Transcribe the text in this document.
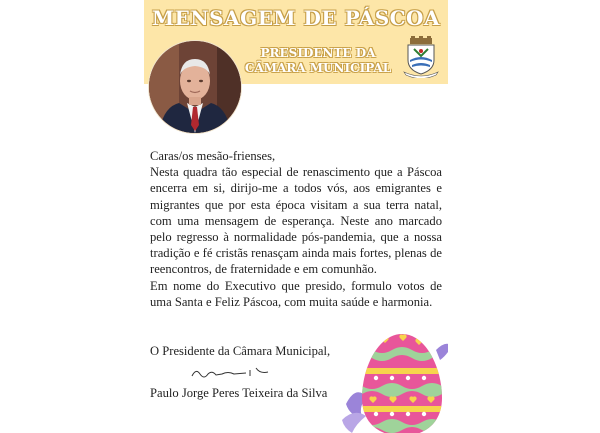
MENSAGEM DE PÁSCOA
PRESIDENTE DA
CÂMARA MUNICIPAL

Caras/os mesão-frienses,

Nesta quadra tão especial de renascimento que a Páscoa encerra em si, dirijo-me a todos vós, aos emigrantes e migrantes que por esta época visitam a sua terra natal, com uma mensagem de esperança. Neste ano marcado pelo regresso à normalidade pós-pandemia, que a nossa tradição e fé cristãs renasçam ainda mais fortes, plenas de reencontros, de fraternidade e em comunhão.

Em nome do Executivo que presido, formulo votos de uma Santa e Feliz Páscoa, com muita saúde e harmonia.

O Presidente da Câmara Municipal,
Paulo Jorge Peres Teixeira da Silva
